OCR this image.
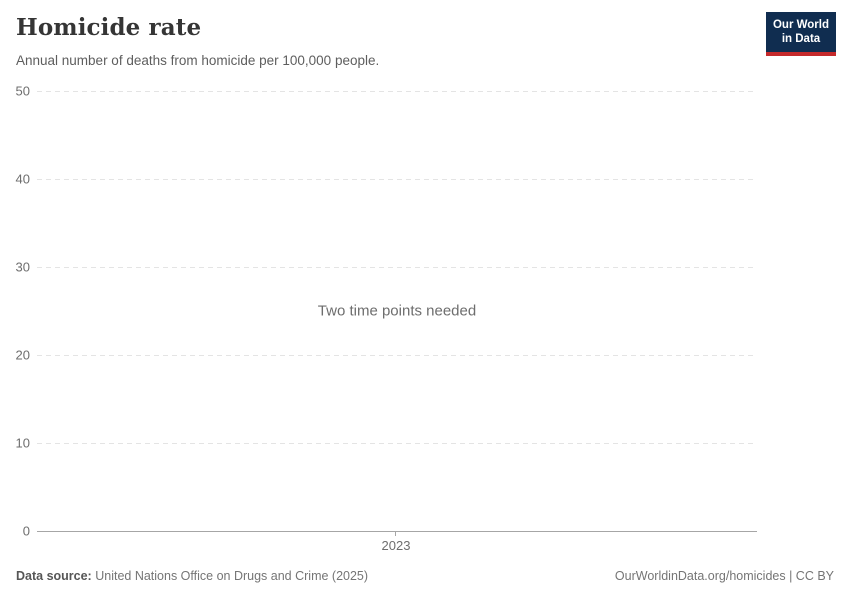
Homicide rate

Annual number of deaths from homicide per 100,000 people.

Our World
in Data
50
40
30
20
10
0
2023
Two time points needed
Data source: United Nations Office on Drugs and Crime (2025)	OurWorldinData.org/homicides | CC BY
